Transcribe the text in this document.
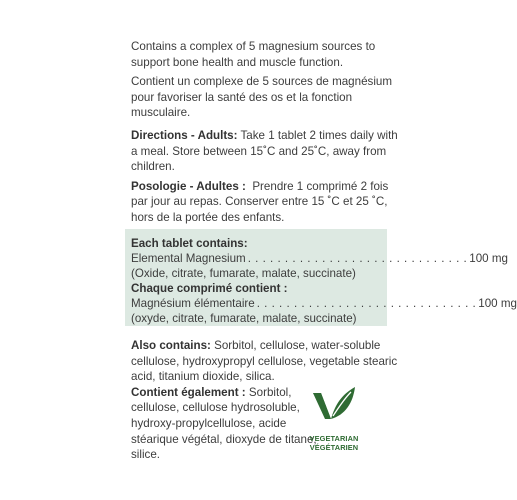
Contains a complex of 5 magnesium sources to support bone health and muscle function.

Contient un complexe de 5 sources de magnésium pour favoriser la santé des os et la fonction musculaire.

Directions - Adults: Take 1 tablet 2 times daily with a meal. Store between 15˚C and 25˚C, away from children.

Posologie - Adultes : Prendre 1 comprimé 2 fois par jour au repas. Conserver entre 15 ˚C et 25 ˚C, hors de la portée des enfants.

Each tablet contains:

Elemental Magnesium . . . . . . . . . . . . . . . . . . . . . . . . . . . . . . 100 mg

(Oxide, citrate, fumarate, malate, succinate)

Chaque comprimé contient :

Magnésium élémentaire . . . . . . . . . . . . . . . . . . . . . . . . . . . . . . 100 mg

(oxyde, citrate, fumarate, malate, succinate)

Also contains: Sorbitol, cellulose, water-soluble cellulose, hydroxypropyl cellulose, vegetable stearic acid, titanium dioxide, silica.

Contient également : Sorbitol, cellulose, cellulose hydrosoluble, hydroxy-propylcellulose, acide stéarique végétal, dioxyde de titane, silice.

VEGETARIAN
VÉGÉTARIEN
